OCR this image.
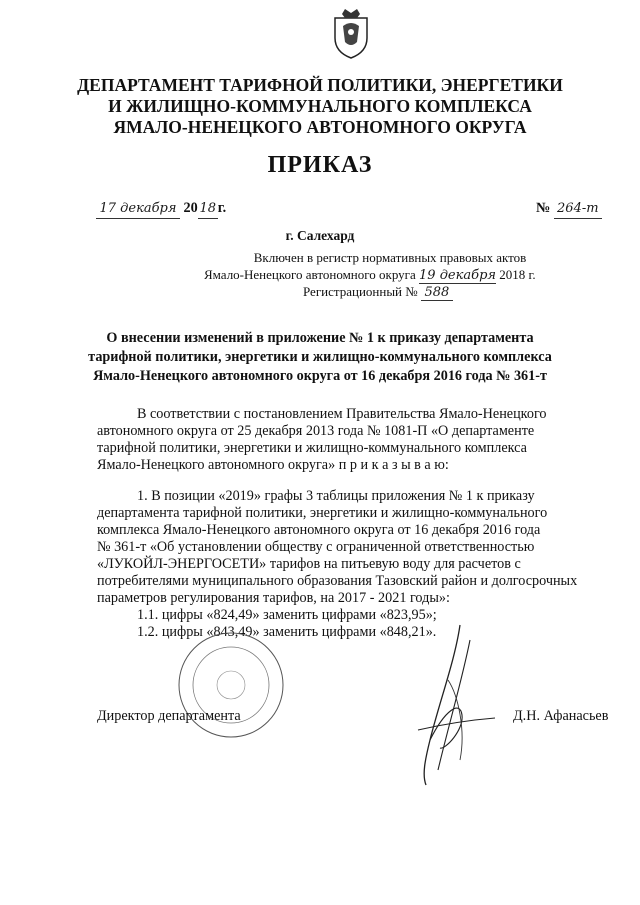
ДЕПАРТАМЕНТ ТАРИФНОЙ ПОЛИТИКИ, ЭНЕРГЕТИКИ
И ЖИЛИЩНО-КОММУНАЛЬНОГО КОМПЛЕКСА
ЯМАЛО-НЕНЕЦКОГО АВТОНОМНОГО ОКРУГА
ПРИКАЗ
17 декабря 20 18 г.	№ 264-т
г. Салехард
Включен в регистр нормативных правовых актов
Ямало-Ненецкого автономного округа 19 декабря 2018 г.
Регистрационный № 588
О внесении изменений в приложение № 1 к приказу департамента
тарифной политики, энергетики и жилищно-коммунального комплекса
Ямало-Ненецкого автономного округа от 16 декабря 2016 года № 361-т
В соответствии с постановлением Правительства Ямало-Ненецкого
автономного округа от 25 декабря 2013 года № 1081-П «О департаменте
тарифной политики, энергетики и жилищно-коммунального комплекса
Ямало-Ненецкого автономного округа» п р и к а з ы в а ю:
1. В позиции «2019» графы 3 таблицы приложения № 1 к приказу
департамента тарифной политики, энергетики и жилищно-коммунального
комплекса Ямало-Ненецкого автономного округа от 16 декабря 2016 года
№ 361-т «Об установлении обществу с ограниченной ответственностью
«ЛУКОЙЛ-ЭНЕРГОСЕТИ» тарифов на питьевую воду для расчетов с
потребителями муниципального образования Тазовский район и долгосрочных
параметров регулирования тарифов, на 2017 - 2021 годы»:
1.1. цифры «824,49» заменить цифрами «823,95»;
1.2. цифры «843,49» заменить цифрами «848,21».
Директор департамента	Д.Н. Афанасьев
